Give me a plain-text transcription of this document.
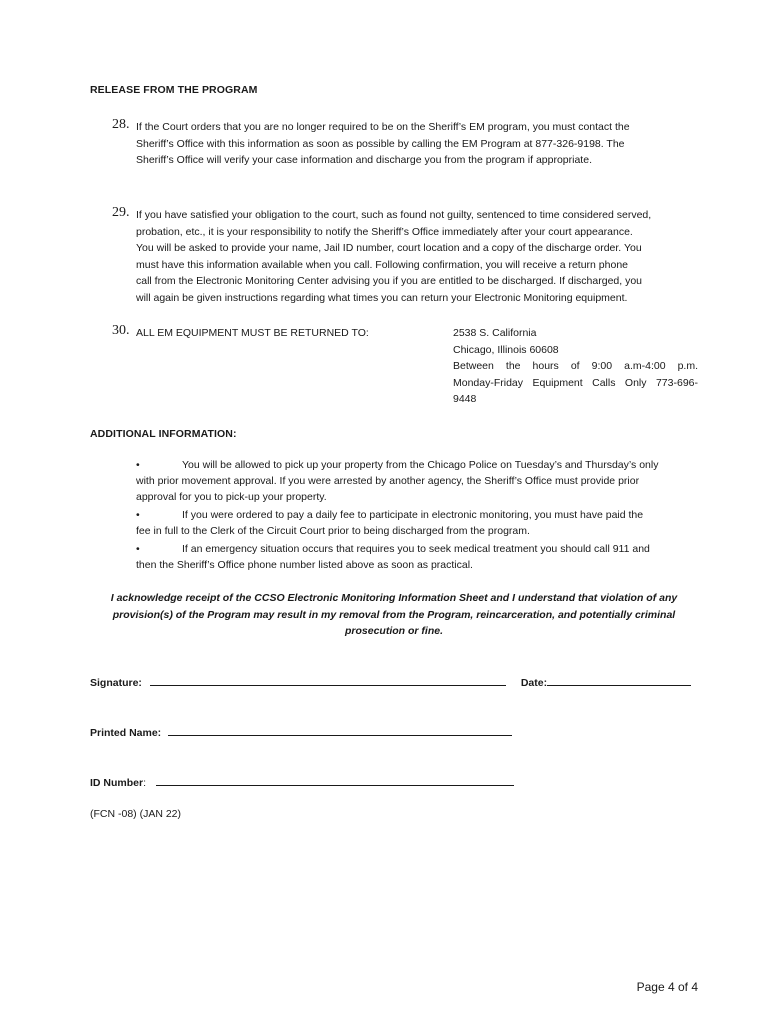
RELEASE FROM THE PROGRAM
28. If the Court orders that you are no longer required to be on the Sheriff’s EM program, you must contact the
Sheriff’s Office with this information as soon as possible by calling the EM Program at 877-326-9198. The
Sheriff’s Office will verify your case information and discharge you from the program if appropriate.
29. If you have satisfied your obligation to the court, such as found not guilty, sentenced to time considered served,
probation, etc., it is your responsibility to notify the Sheriff’s Office immediately after your court appearance.
You will be asked to provide your name, Jail ID number, court location and a copy of the discharge order. You
must have this information available when you call. Following confirmation, you will receive a return phone
call from the Electronic Monitoring Center advising you if you are entitled to be discharged. If discharged, you
will again be given instructions regarding what times you can return your Electronic Monitoring equipment.
30. ALL EM EQUIPMENT MUST BE RETURNED TO:	2538 S. California
Chicago, Illinois 60608
Between the hours of 9:00 a.m-4:00 p.m.
Monday-Friday Equipment Calls Only 773-696-
9448
ADDITIONAL INFORMATION:
•	You will be allowed to pick up your property from the Chicago Police on Tuesday’s and Thursday’s only
with prior movement approval. If you were arrested by another agency, the Sheriff’s Office must provide prior
approval for you to pick-up your property.
•	If you were ordered to pay a daily fee to participate in electronic monitoring, you must have paid the
fee in full to the Clerk of the Circuit Court prior to being discharged from the program.
•	If an emergency situation occurs that requires you to seek medical treatment you should call 911 and
then the Sheriff’s Office phone number listed above as soon as practical.
I acknowledge receipt of the CCSO Electronic Monitoring Information Sheet and I understand that violation of any
provision(s) of the Program may result in my removal from the Program, reincarceration, and potentially criminal
prosecution or fine.
Signature:	Date:
Printed Name:
ID Number:
(FCN -08) (JAN 22)
Page 4 of 4
